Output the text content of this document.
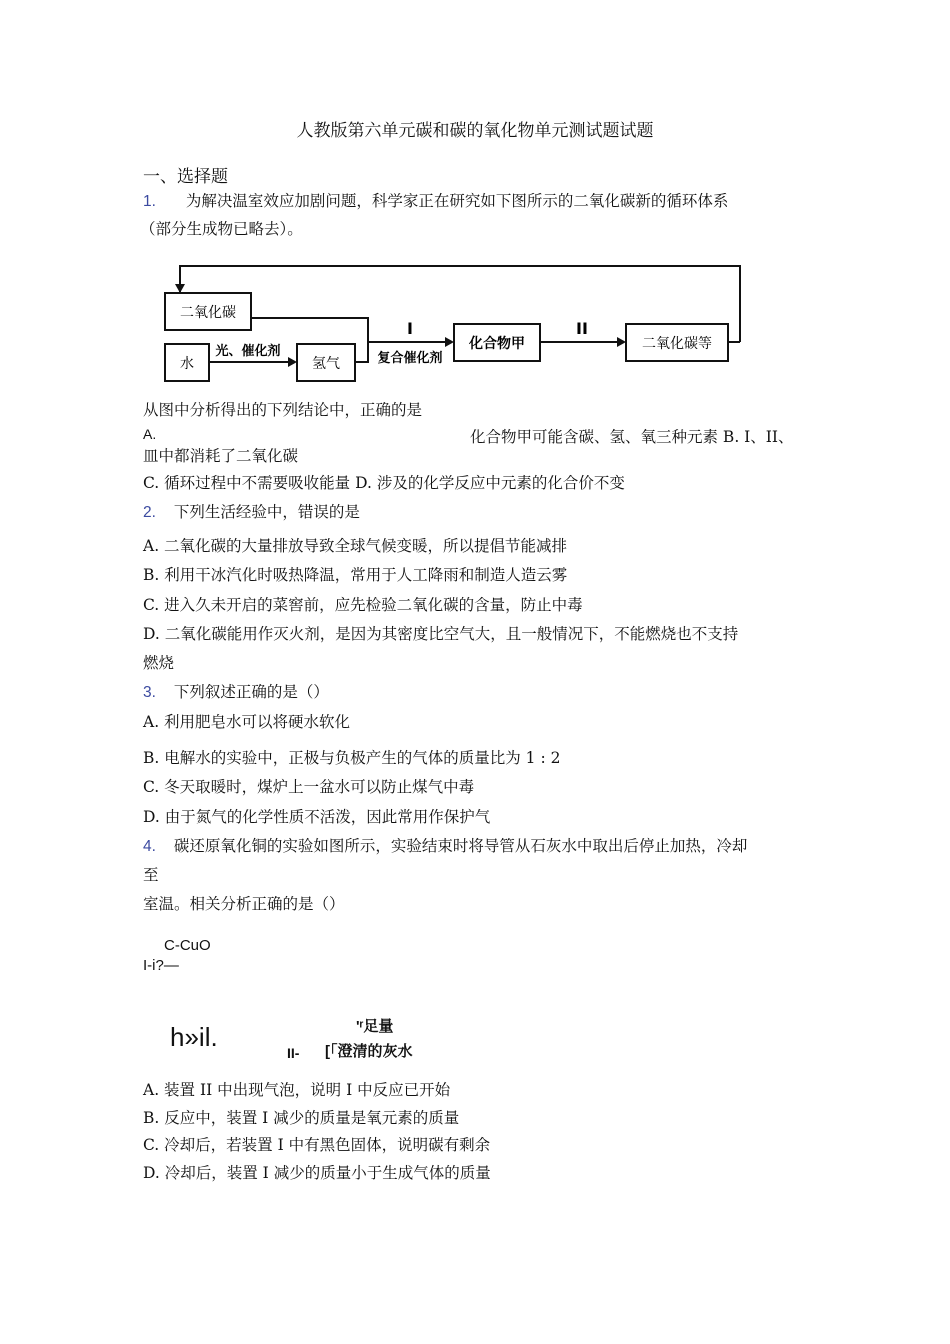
人教版第六单元碳和碳的氧化物单元测试题试题
一、选择题
1. 为解决温室效应加剧问题，科学家正在研究如下图所示的二氧化碳新的循环体系
（部分生成物已略去）。
二氧化碳
水
光、催化剂
氢气
I
复合催化剂
化合物甲
II
二氧化碳等
从图中分析得出的下列结论中，正确的是
A.	化合物甲可能含碳、氢、氧三种元素 B. I、II、
皿中都消耗了二氧化碳
C. 循环过程中不需要吸收能量 D. 涉及的化学反应中元素的化合价不变
2. 下列生活经验中，错误的是
A. 二氧化碳的大量排放导致全球气候变暖，所以提倡节能减排
B. 利用干冰汽化时吸热降温，常用于人工降雨和制造人造云雾
C. 进入久未开启的菜窖前，应先检验二氧化碳的含量，防止中毒
D. 二氧化碳能用作灭火剂，是因为其密度比空气大，且一般情况下，不能燃烧也不支持
燃烧
3. 下列叙述正确的是（）
A. 利用肥皂水可以将硬水软化
B. 电解水的实验中，正极与负极产生的气体的质量比为 1 : 2
C. 冬天取暖时，煤炉上一盆水可以防止煤气中毒
D. 由于氮气的化学性质不活泼，因此常用作保护气
4. 碳还原氧化铜的实验如图所示，实验结束时将导管从石灰水中取出后停止加热，冷却
至
室温。相关分析正确的是（）
C-CuO
I-i?—
h»il.	'ʳ足量
II- [「澄清的灰水
A. 装置 II 中出现气泡，说明 I 中反应已开始
B. 反应中，装置 I 减少的质量是氧元素的质量
C. 冷却后，若装置 I 中有黑色固体，说明碳有剩余
D. 冷却后，装置 I 减少的质量小于生成气体的质量
